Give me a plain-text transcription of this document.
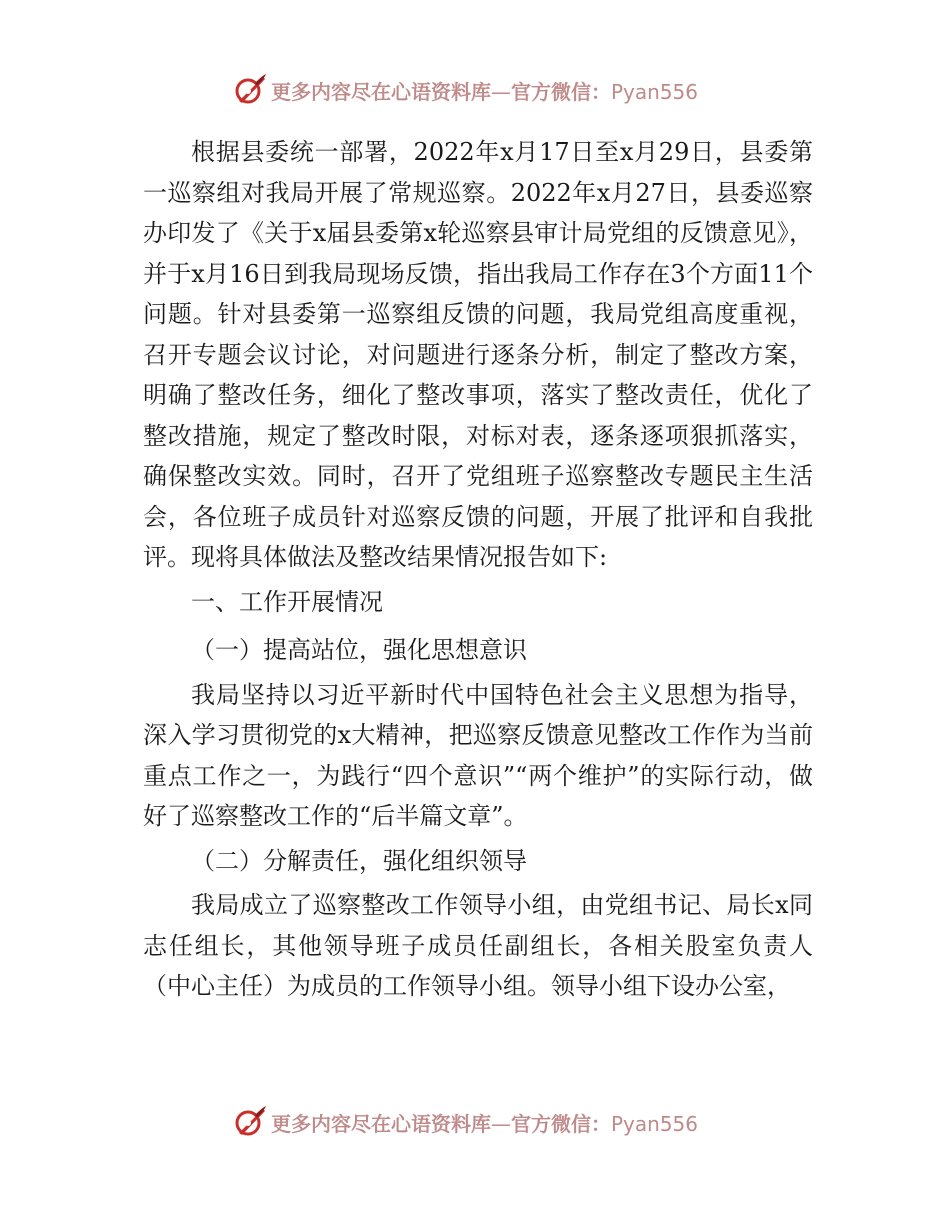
更多内容尽在心语资料库—官方微信：Pyan556

根据县委统一部署，2022年x月17日至x月29日，县委第一巡察组对我局开展了常规巡察。2022年x月27日，县委巡察办印发了《关于x届县委第x轮巡察县审计局党组的反馈意见》，并于x月16日到我局现场反馈，指出我局工作存在3个方面11个问题。针对县委第一巡察组反馈的问题，我局党组高度重视，召开专题会议讨论，对问题进行逐条分析，制定了整改方案，明确了整改任务，细化了整改事项，落实了整改责任，优化了整改措施，规定了整改时限，对标对表，逐条逐项狠抓落实，确保整改实效。同时，召开了党组班子巡察整改专题民主生活会，各位班子成员针对巡察反馈的问题，开展了批评和自我批评。现将具体做法及整改结果情况报告如下:

一、工作开展情况

（一）提高站位，强化思想意识

我局坚持以习近平新时代中国特色社会主义思想为指导，深入学习贯彻党的x大精神，把巡察反馈意见整改工作作为当前重点工作之一，为践行“四个意识”“两个维护”的实际行动，做好了巡察整改工作的“后半篇文章”。

（二）分解责任，强化组织领导

我局成立了巡察整改工作领导小组，由党组书记、局长x同志任组长，其他领导班子成员任副组长，各相关股室负责人（中心主任）为成员的工作领导小组。领导小组下设办公室，

更多内容尽在心语资料库—官方微信：Pyan556
